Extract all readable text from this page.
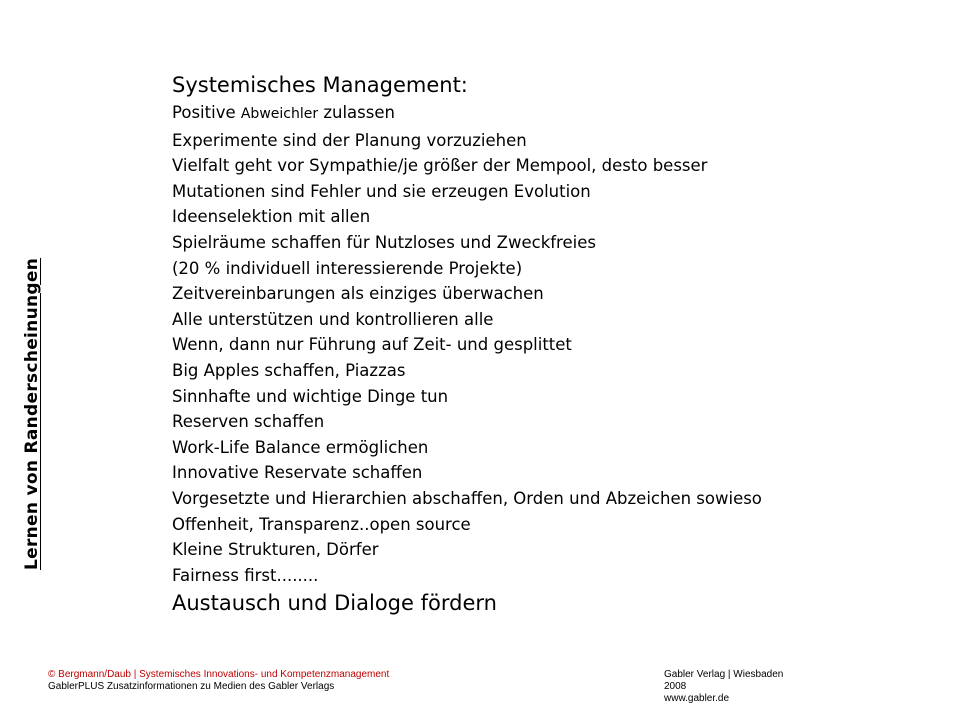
Lernen von Randerscheinungen

Systemisches Management:

Positive Abweichler zulassen

Experimente sind der Planung vorzuziehen

Vielfalt geht vor Sympathie/je größer der Mempool, desto besser

Mutationen sind Fehler und sie erzeugen Evolution

Ideenselektion mit allen

Spielräume schaffen für Nutzloses und Zweckfreies

(20 % individuell interessierende Projekte)

Zeitvereinbarungen als einziges überwachen

Alle unterstützen und kontrollieren alle

Wenn, dann nur Führung auf Zeit- und gesplittet

Big Apples schaffen, Piazzas

Sinnhafte und wichtige Dinge tun

Reserven schaffen

Work-Life Balance ermöglichen

Innovative Reservate schaffen

Vorgesetzte und Hierarchien abschaffen, Orden und Abzeichen sowieso

Offenheit, Transparenz..open source

Kleine Strukturen, Dörfer

Fairness first........

Austausch und Dialoge fördern

© Bergmann/Daub | Systemisches Innovations- und Kompetenzmanagement
GablerPLUS Zusatzinformationen zu Medien des Gabler Verlags
Gabler Verlag | Wiesbaden
2008
www.gabler.de
